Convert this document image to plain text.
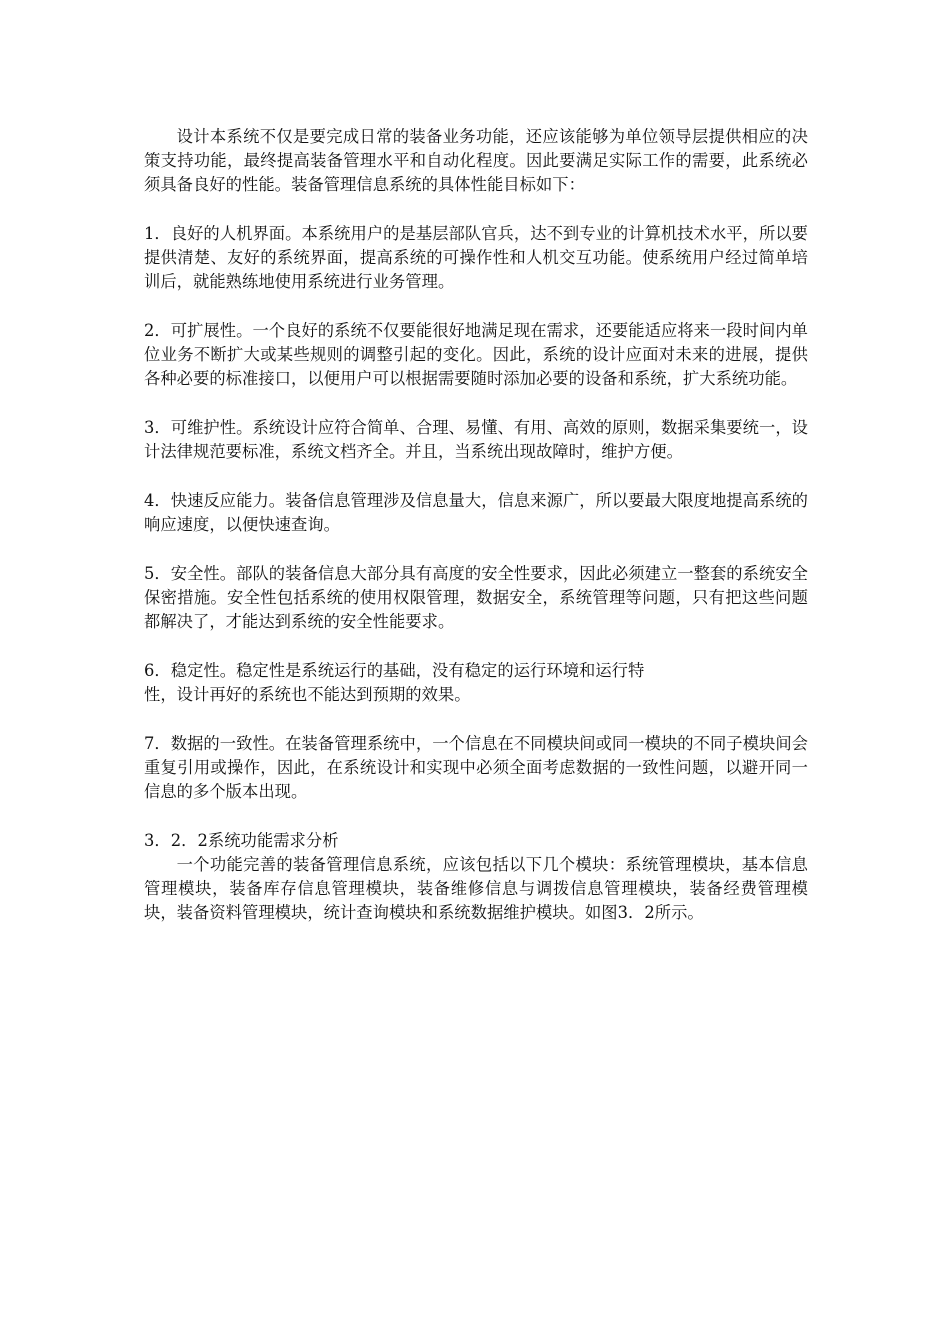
设计本系统不仅是要完成日常的装备业务功能，还应该能够为单位领导层提供相应的决策支持功能，最终提高装备管理水平和自动化程度。因此要满足实际工作的需要，此系统必须具备良好的性能。装备管理信息系统的具体性能目标如下：

1．良好的人机界面。本系统用户的是基层部队官兵，达不到专业的计算机技术水平，所以要提供清楚、友好的系统界面，提高系统的可操作性和人机交互功能。使系统用户经过简单培训后，就能熟练地使用系统进行业务管理。

2．可扩展性。一个良好的系统不仅要能很好地满足现在需求，还要能适应将来一段时间内单位业务不断扩大或某些规则的调整引起的变化。因此，系统的设计应面对未来的进展，提供各种必要的标准接口，以便用户可以根据需要随时添加必要的设备和系统，扩大系统功能。

3．可维护性。系统设计应符合简单、合理、易懂、有用、高效的原则，数据采集要统一，设计法律规范要标准，系统文档齐全。并且，当系统出现故障时，维护方便。

4．快速反应能力。装备信息管理涉及信息量大，信息来源广，所以要最大限度地提高系统的响应速度，以便快速查询。

5．安全性。部队的装备信息大部分具有高度的安全性要求，因此必须建立一整套的系统安全保密措施。安全性包括系统的使用权限管理，数据安全，系统管理等问题，只有把这些问题都解决了，才能达到系统的安全性能要求。

6．稳定性。稳定性是系统运行的基础，没有稳定的运行环境和运行特

性，设计再好的系统也不能达到预期的效果。

7．数据的一致性。在装备管理系统中，一个信息在不同模块间或同一模块的不同子模块间会重复引用或操作，因此，在系统设计和实现中必须全面考虑数据的一致性问题，以避开同一信息的多个版本出现。

3．2．2系统功能需求分析

一个功能完善的装备管理信息系统，应该包括以下几个模块：系统管理模块，基本信息管理模块，装备库存信息管理模块，装备维修信息与调拨信息管理模块，装备经费管理模块，装备资料管理模块，统计查询模块和系统数据维护模块。如图3．2所示。
